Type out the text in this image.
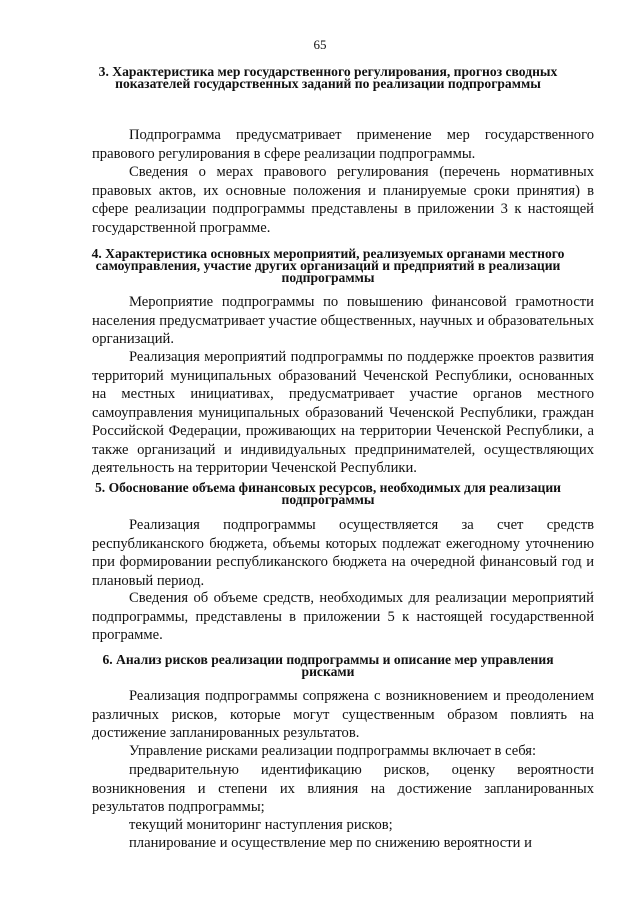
65
3. Характеристика мер государственного регулирования, прогноз сводных показателей государственных заданий по реализации подпрограммы
Подпрограмма предусматривает применение мер государственного правового регулирования в сфере реализации подпрограммы.
Сведения о мерах правового регулирования (перечень нормативных правовых актов, их основные положения и планируемые сроки принятия) в сфере реализации подпрограммы представлены в приложении 3 к настоящей государственной программе.
4. Характеристика основных мероприятий, реализуемых органами местного самоуправления, участие других организаций и предприятий в реализации подпрограммы
Мероприятие подпрограммы по повышению финансовой грамотности населения предусматривает участие общественных, научных и образовательных организаций.
Реализация мероприятий подпрограммы по поддержке проектов развития территорий муниципальных образований Чеченской Республики, основанных на местных инициативах, предусматривает участие органов местного самоуправления муниципальных образований Чеченской Республики, граждан Российской Федерации, проживающих на территории Чеченской Республики, а также организаций и индивидуальных предпринимателей, осуществляющих деятельность на территории Чеченской Республики.
5. Обоснование объема финансовых ресурсов, необходимых для реализации подпрограммы
Реализация подпрограммы осуществляется за счет средств республиканского бюджета, объемы которых подлежат ежегодному уточнению при формировании республиканского бюджета на очередной финансовый год и плановый период.
Сведения об объеме средств, необходимых для реализации мероприятий подпрограммы, представлены в приложении 5 к настоящей государственной программе.
6. Анализ рисков реализации подпрограммы и описание мер управления рисками
Реализация подпрограммы сопряжена с возникновением и преодолением различных рисков, которые могут существенным образом повлиять на достижение запланированных результатов.
Управление рисками реализации подпрограммы включает в себя:
предварительную идентификацию рисков, оценку вероятности возникновения и степени их влияния на достижение запланированных результатов подпрограммы;
текущий мониторинг наступления рисков;
планирование и осуществление мер по снижению вероятности и
